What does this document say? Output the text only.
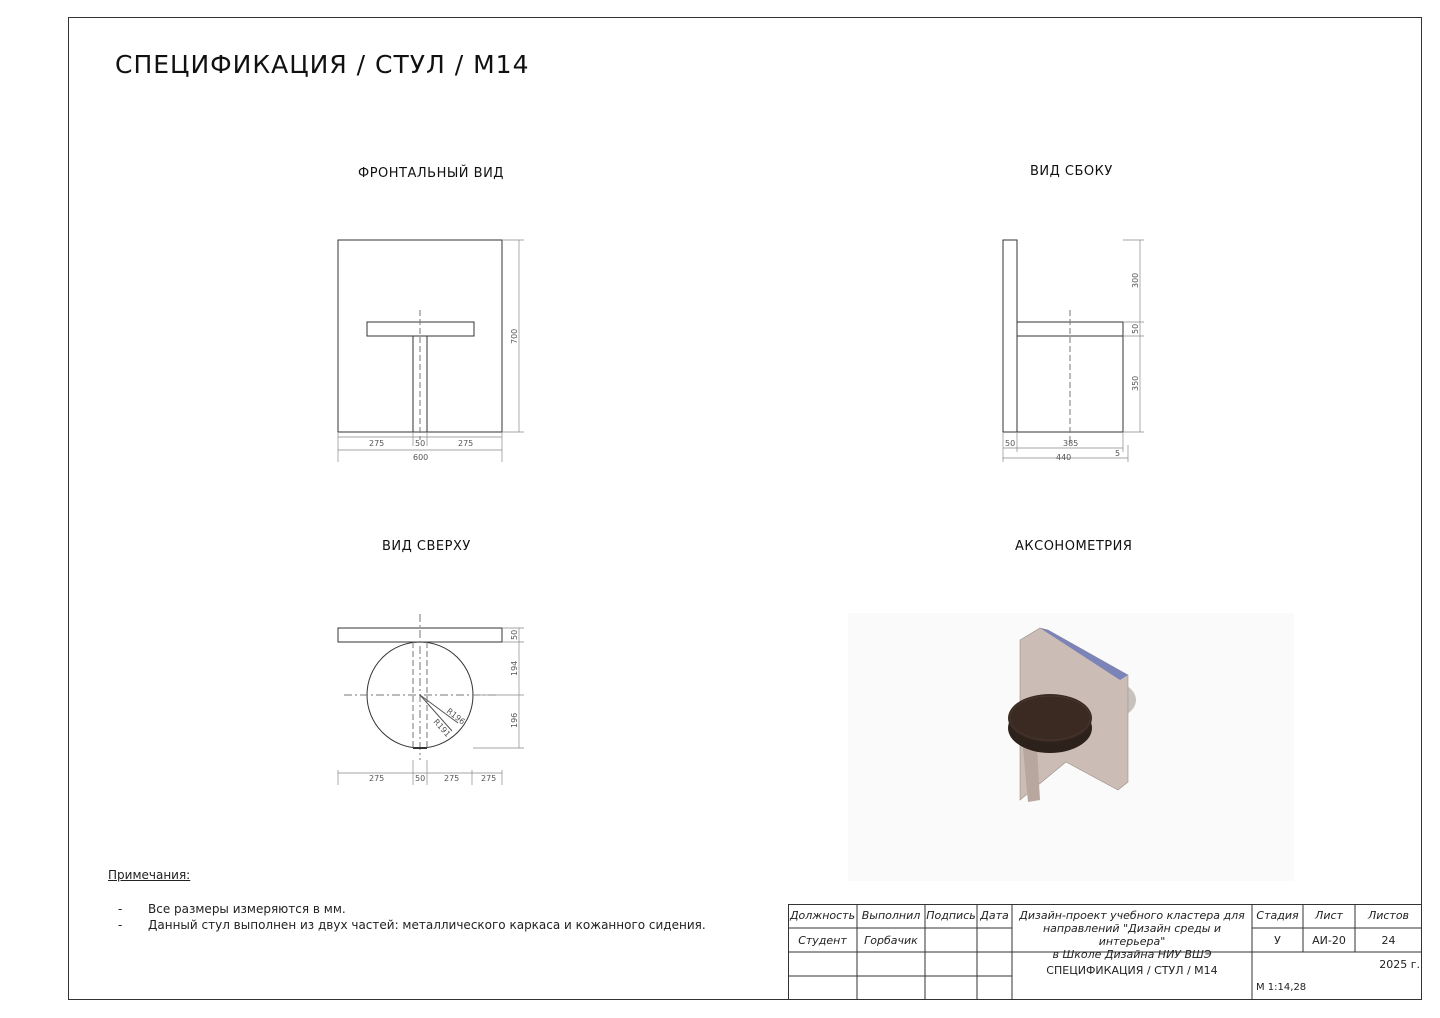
СПЕЦИФИКАЦИЯ / СТУЛ / М14
ФРОНТАЛЬНЫЙ ВИД	ВИД СБОКУ
ВИД СВЕРХУ	АКСОНОМЕТРИЯ
275	50	275
600
700
50	385
440	5
300
50
350
50
194
196
R196
R191
275	50 275	275
Примечания:
- Все размеры измеряются в мм.
- Данный стул выполнен из двух частей: металлического каркаса и кожанного сидения.
Должность Выполнил Подпись Дата
Студент	Горбачик
Дизайн-проект учебного кластера для
направлений "Дизайн среды и интерьера"
в Школе Дизайна НИУ ВШЭ
Стадия	Лист	Листов
У	АИ-20	24
СПЕЦИФИКАЦИЯ / СТУЛ / М14	2025 г.
М 1:14,28
